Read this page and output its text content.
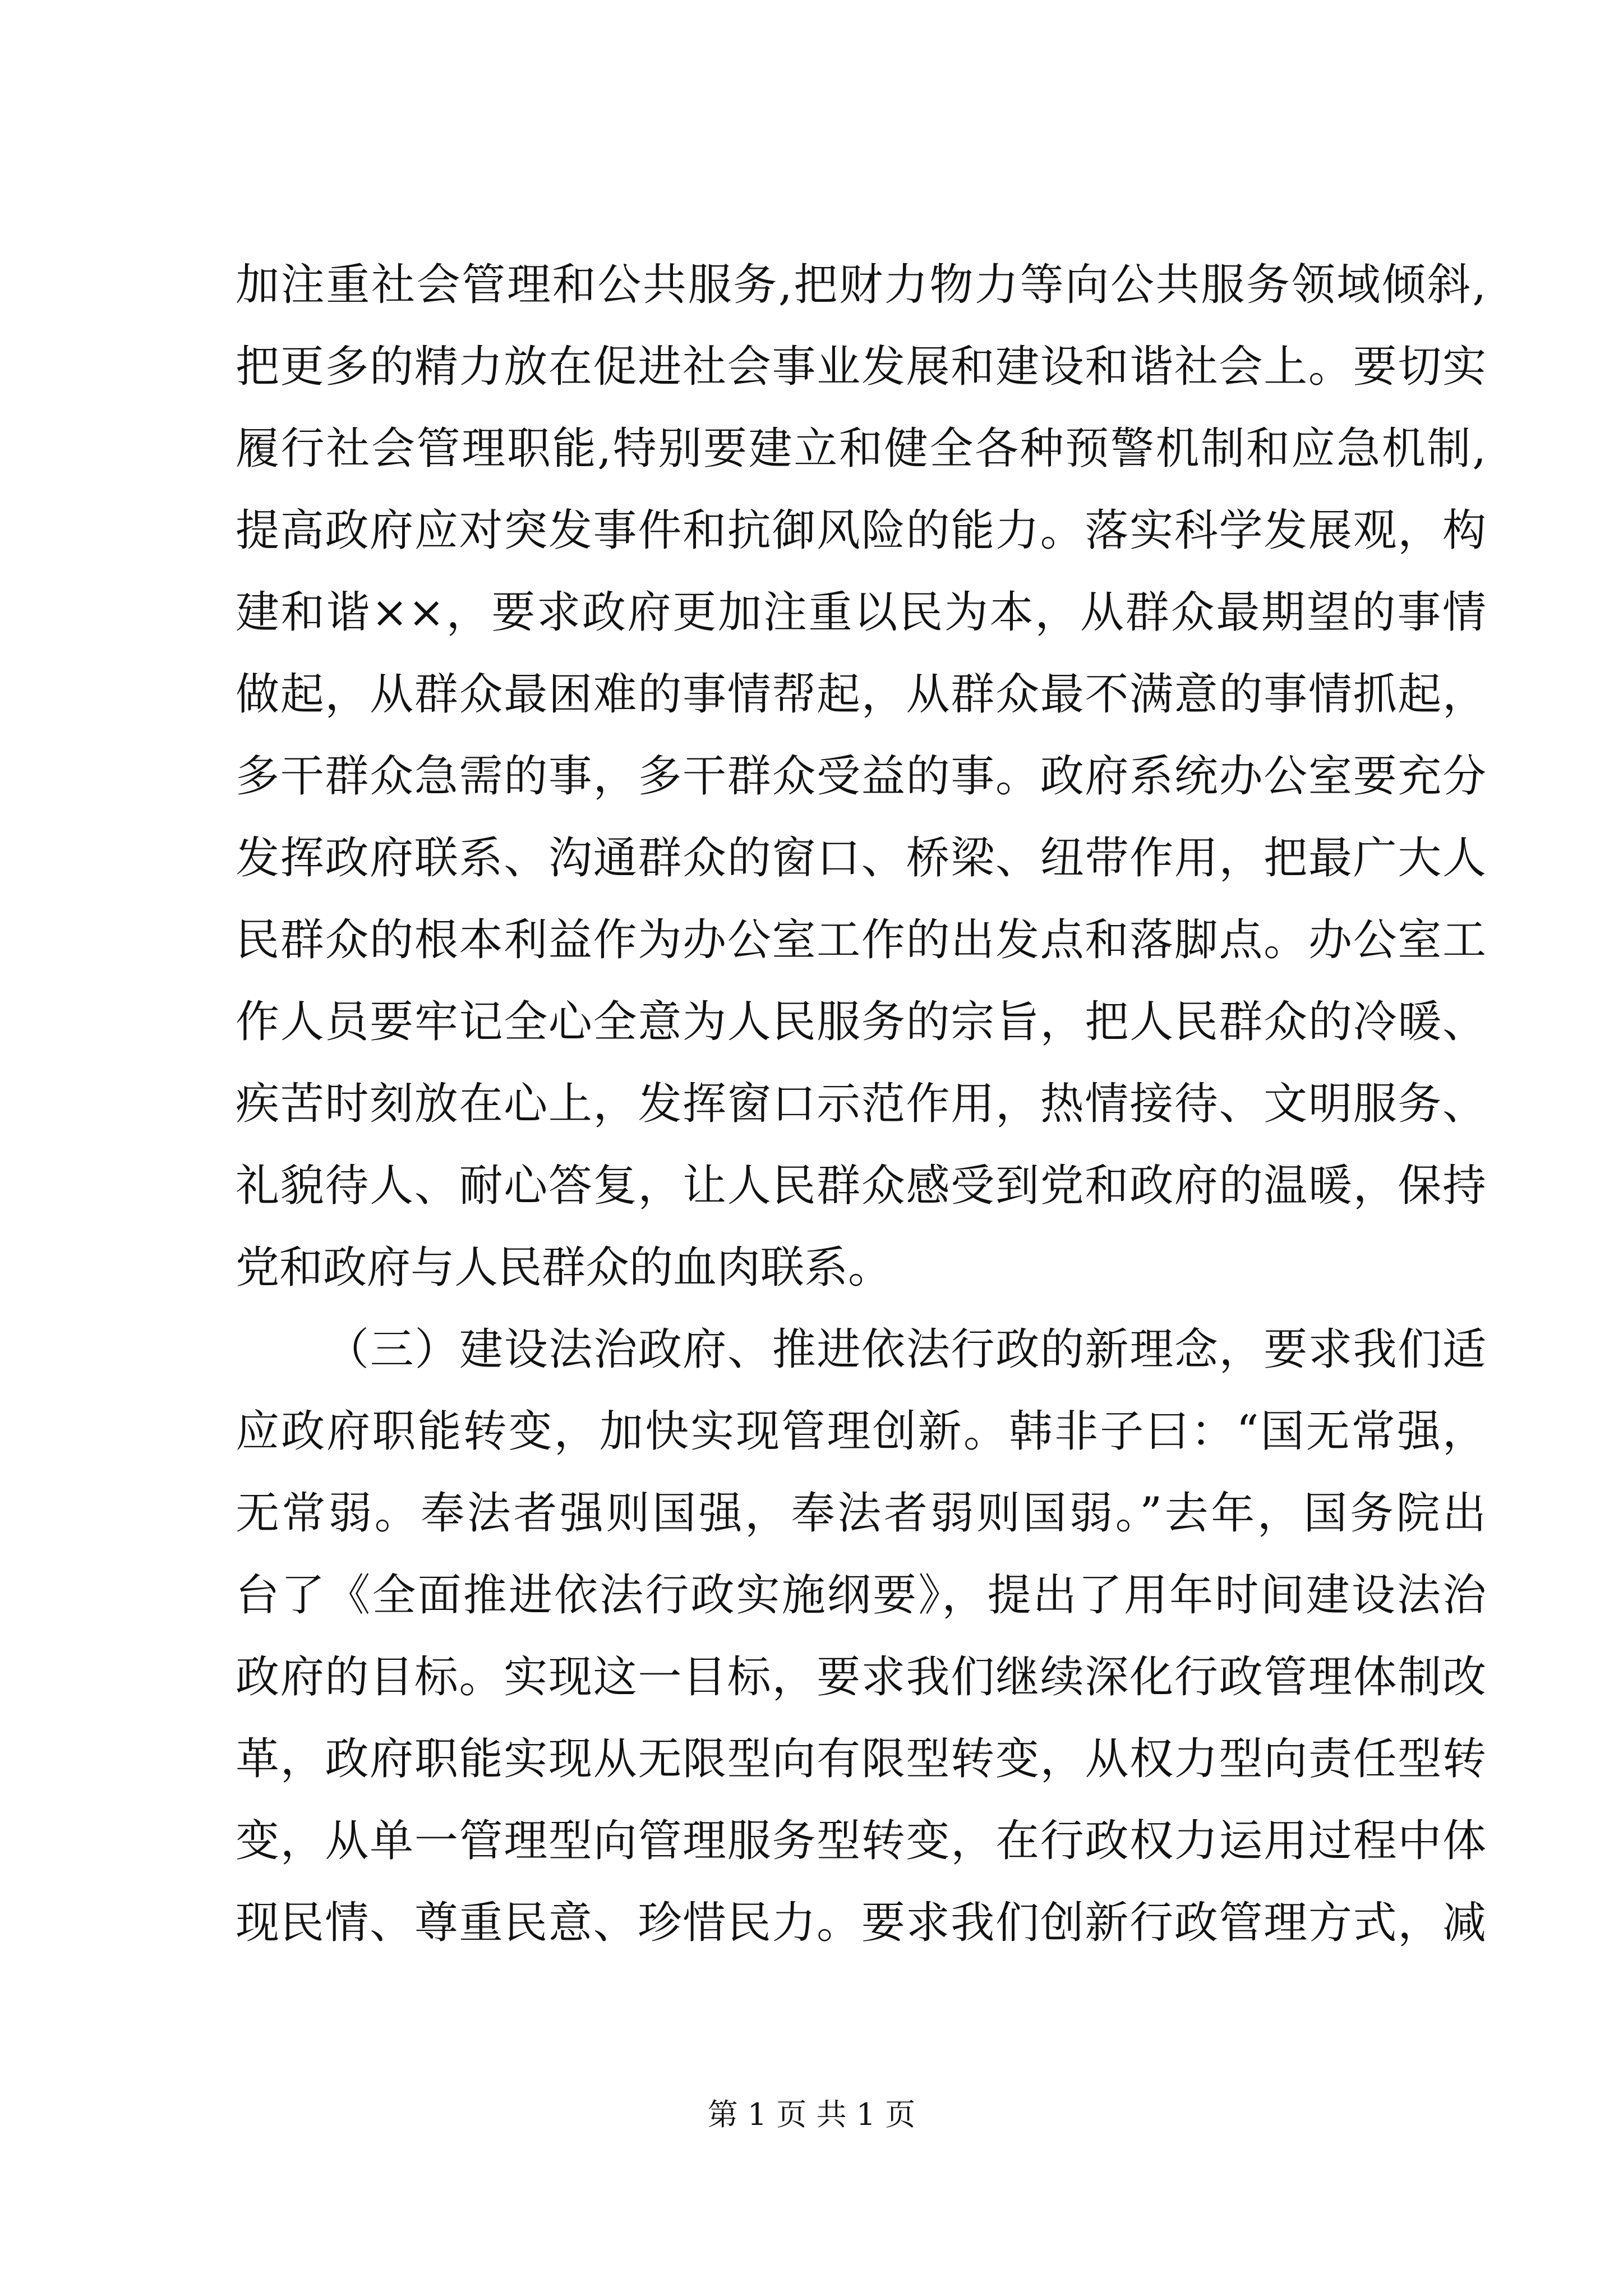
加注重社会管理和公共服务,把财力物力等向公共服务领域倾斜,
把更多的精力放在促进社会事业发展和建设和谐社会上。要切实
履行社会管理职能,特别要建立和健全各种预警机制和应急机制,
提高政府应对突发事件和抗御风险的能力。落实科学发展观，构
建和谐××，要求政府更加注重以民为本，从群众最期望的事情
做起，从群众最困难的事情帮起，从群众最不满意的事情抓起，
多干群众急需的事，多干群众受益的事。政府系统办公室要充分
发挥政府联系、沟通群众的窗口、桥梁、纽带作用，把最广大人
民群众的根本利益作为办公室工作的出发点和落脚点。办公室工
作人员要牢记全心全意为人民服务的宗旨，把人民群众的冷暖、
疾苦时刻放在心上，发挥窗口示范作用，热情接待、文明服务、
礼貌待人、耐心答复，让人民群众感受到党和政府的温暖，保持
党和政府与人民群众的血肉联系。
（三）建设法治政府、推进依法行政的新理念，要求我们适
应政府职能转变，加快实现管理创新。韩非子曰：“国无常强，
无常弱。奉法者强则国强，奉法者弱则国弱。”去年，国务院出
台了《全面推进依法行政实施纲要》，提出了用年时间建设法治
政府的目标。实现这一目标，要求我们继续深化行政管理体制改
革，政府职能实现从无限型向有限型转变，从权力型向责任型转
变，从单一管理型向管理服务型转变，在行政权力运用过程中体
现民情、尊重民意、珍惜民力。要求我们创新行政管理方式，减
第 1 页 共 1 页
